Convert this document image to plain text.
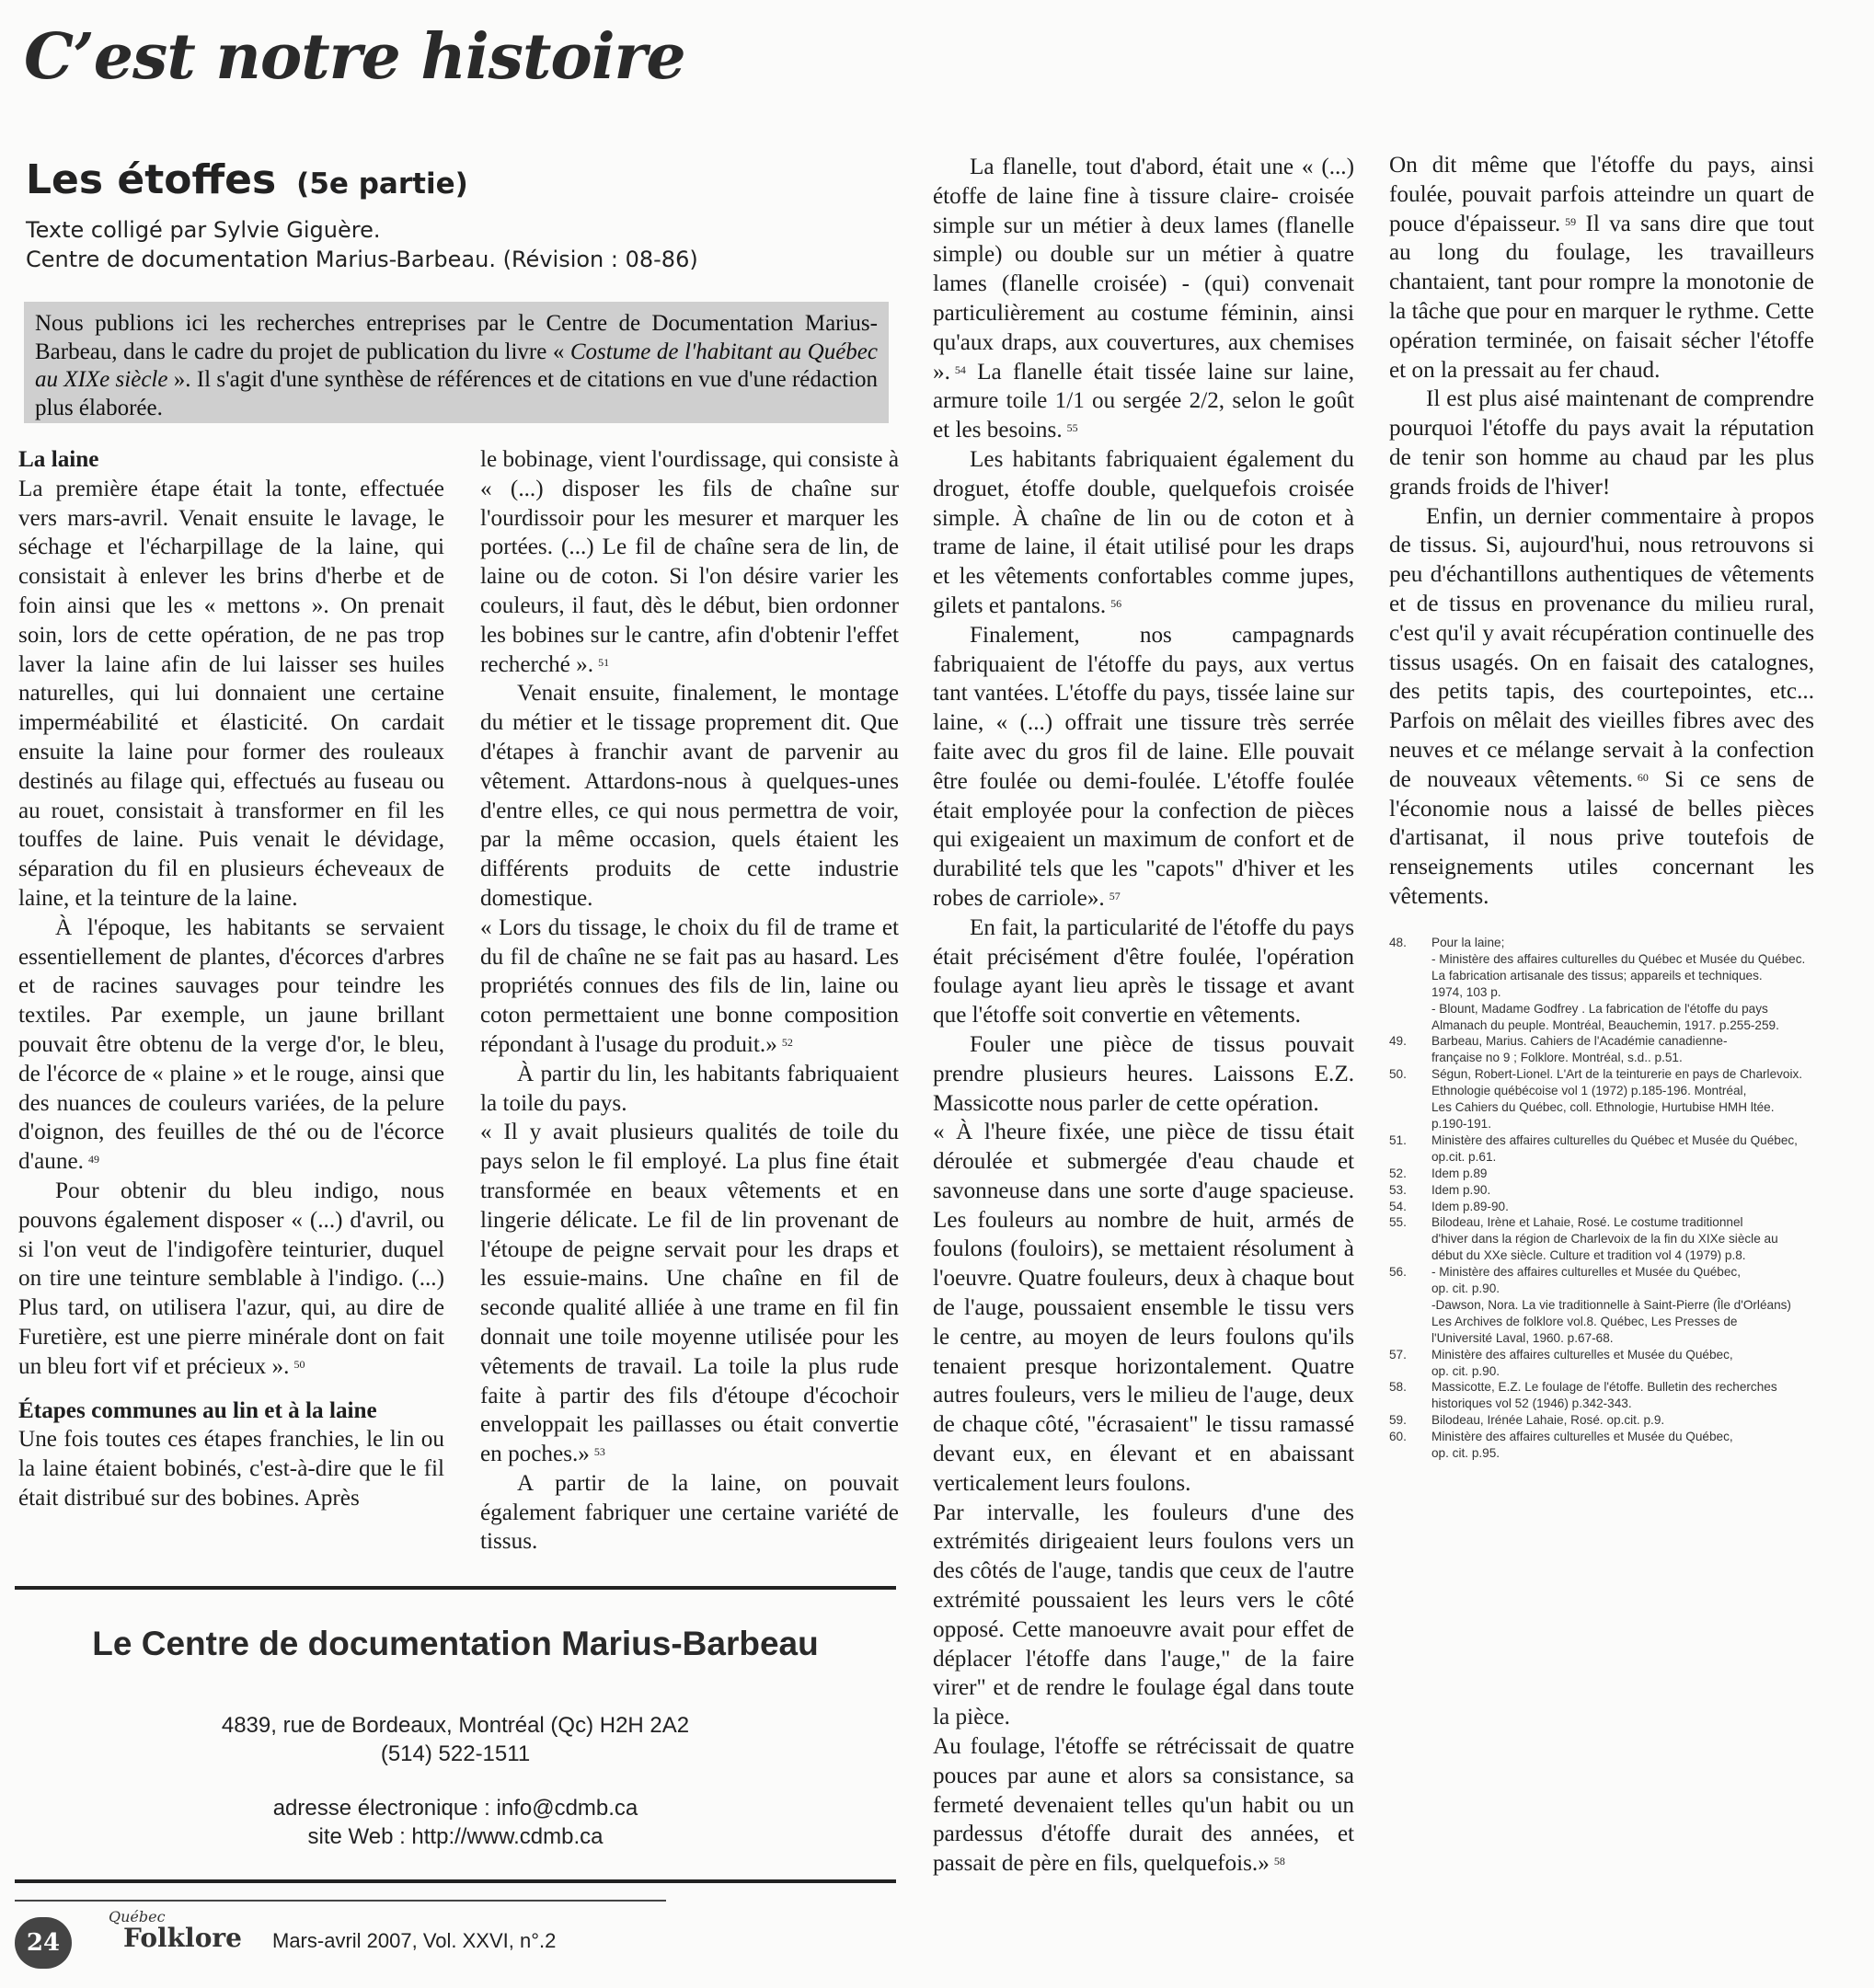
C’est notre histoire
Les étoffes (5e partie)
Texte colligé par Sylvie Giguère.
Centre de documentation Marius-Barbeau. (Révision : 08-86)
Nous publions ici les recherches entreprises par le Centre de Documentation Marius-Barbeau, dans le cadre du projet de publication du livre « Costume de l'habitant au Québec au XIXe siècle ». Il s'agit d'une synthèse de références et de citations en vue d'une rédaction plus élaborée.
La laine

La première étape était la tonte, effectuée vers mars-avril. Venait ensuite le lavage, le séchage et l'écharpillage de la laine, qui consistait à enlever les brins d'herbe et de foin ainsi que les « mettons ». On prenait soin, lors de cette opération, de ne pas trop laver la laine afin de lui laisser ses huiles naturelles, qui lui donnaient une certaine imperméabilité et élasticité. On cardait ensuite la laine pour former des rouleaux destinés au filage qui, effectués au fuseau ou au rouet, consistait à transformer en fil les touffes de laine. Puis venait le dévidage, séparation du fil en plusieurs écheveaux de laine, et la teinture de la laine.

À l'époque, les habitants se servaient essentiellement de plantes, d'écorces d'arbres et de racines sauvages pour teindre les textiles. Par exemple, un jaune brillant pouvait être obtenu de la verge d'or, le bleu, de l'écorce de « plaine » et le rouge, ainsi que des nuances de couleurs variées, de la pelure d'oignon, des feuilles de thé ou de l'écorce d'aune. $^{49}$

Pour obtenir du bleu indigo, nous pouvons également disposer « (...) d'avril, ou si l'on veut de l'indigofère teinturier, duquel on tire une teinture semblable à l'indigo. (...) Plus tard, on utilisera l'azur, qui, au dire de Furetière, est une pierre minérale dont on fait un bleu fort vif et précieux ». $^{50}$

Étapes communes au lin et à la laine

Une fois toutes ces étapes franchies, le lin ou la laine étaient bobinés, c'est-à-dire que le fil était distribué sur des bobines. Après

le bobinage, vient l'ourdissage, qui consiste à « (...) disposer les fils de chaîne sur l'ourdissoir pour les mesurer et marquer les portées. (...) Le fil de chaîne sera de lin, de laine ou de coton. Si l'on désire varier les couleurs, il faut, dès le début, bien ordonner les bobines sur le cantre, afin d'obtenir l'effet recherché ». $^{51}$

Venait ensuite, finalement, le montage du métier et le tissage proprement dit. Que d'étapes à franchir avant de parvenir au vêtement. Attardons-nous à quelques-unes d'entre elles, ce qui nous permettra de voir, par la même occasion, quels étaient les différents produits de cette industrie domestique.

« Lors du tissage, le choix du fil de trame et du fil de chaîne ne se fait pas au hasard. Les propriétés connues des fils de lin, laine ou coton permettaient une bonne composition répondant à l'usage du produit.» $^{52}$

À partir du lin, les habitants fabriquaient la toile du pays.

« Il y avait plusieurs qualités de toile du pays selon le fil employé. La plus fine était transformée en beaux vêtements et en lingerie délicate. Le fil de lin provenant de l'étoupe de peigne servait pour les draps et les essuie-mains. Une chaîne en fil de seconde qualité alliée à une trame en fil fin donnait une toile moyenne utilisée pour les vêtements de travail. La toile la plus rude faite à partir des fils d'étoupe d'écochoir enveloppait les paillasses ou était convertie en poches.» $^{53}$

A partir de la laine, on pouvait également fabriquer une certaine variété de tissus.

La flanelle, tout d'abord, était une « (...) étoffe de laine fine à tissure claire- croisée simple sur un métier à deux lames (flanelle simple) ou double sur un métier à quatre lames (flanelle croisée) - (qui) convenait particulièrement au costume féminin, ainsi qu'aux draps, aux couvertures, aux chemises ». $^{54}$ La flanelle était tissée laine sur laine, armure toile 1/1 ou sergée 2/2, selon le goût et les besoins. $^{55}$

Les habitants fabriquaient également du droguet, étoffe double, quelquefois croisée simple. À chaîne de lin ou de coton et à trame de laine, il était utilisé pour les draps et les vêtements confortables comme jupes, gilets et pantalons. $^{56}$

Finalement, nos campagnards fabriquaient de l'étoffe du pays, aux vertus tant vantées. L'étoffe du pays, tissée laine sur laine, « (...) offrait une tissure très serrée faite avec du gros fil de laine. Elle pouvait être foulée ou demi-foulée. L'étoffe foulée était employée pour la confection de pièces qui exigeaient un maximum de confort et de durabilité tels que les "capots" d'hiver et les robes de carriole». $^{57}$

En fait, la particularité de l'étoffe du pays était précisément d'être foulée, l'opération foulage ayant lieu après le tissage et avant que l'étoffe soit convertie en vêtements.

Fouler une pièce de tissus pouvait prendre plusieurs heures. Laissons E.Z. Massicotte nous parler de cette opération.

« À l'heure fixée, une pièce de tissu était déroulée et submergée d'eau chaude et savonneuse dans une sorte d'auge spacieuse. Les fouleurs au nombre de huit, armés de foulons (fouloirs), se mettaient résolument à l'oeuvre. Quatre fouleurs, deux à chaque bout de l'auge, poussaient ensemble le tissu vers le centre, au moyen de leurs foulons qu'ils tenaient presque horizontalement. Quatre autres fouleurs, vers le milieu de l'auge, deux de chaque côté, "écrasaient" le tissu ramassé devant eux, en élevant et en abaissant verticalement leurs foulons.

Par intervalle, les fouleurs d'une des extrémités dirigeaient leurs foulons vers un des côtés de l'auge, tandis que ceux de l'autre extrémité poussaient les leurs vers le côté opposé. Cette manoeuvre avait pour effet de déplacer l'étoffe dans l'auge," de la faire virer" et de rendre le foulage égal dans toute la pièce.

Au foulage, l'étoffe se rétrécissait de quatre pouces par aune et alors sa consistance, sa fermeté devenaient telles qu'un habit ou un pardessus d'étoffe durait des années, et passait de père en fils, quelquefois.» $^{58}$

On dit même que l'étoffe du pays, ainsi foulée, pouvait parfois atteindre un quart de pouce d'épaisseur. $^{59}$ Il va sans dire que tout au long du foulage, les travailleurs chantaient, tant pour rompre la monotonie de la tâche que pour en marquer le rythme. Cette opération terminée, on faisait sécher l'étoffe et on la pressait au fer chaud.

Il est plus aisé maintenant de comprendre pourquoi l'étoffe du pays avait la réputation de tenir son homme au chaud par les plus grands froids de l'hiver!

Enfin, un dernier commentaire à propos de tissus. Si, aujourd'hui, nous retrouvons si peu d'échantillons authentiques de vêtements et de tissus en provenance du milieu rural, c'est qu'il y avait récupération continuelle des tissus usagés. On en faisait des catalognes, des petits tapis, des courtepointes, etc... Parfois on mêlait des vieilles fibres avec des neuves et ce mélange servait à la confection de nouveaux vêtements. $^{60}$ Si ce sens de l'économie nous a laissé de belles pièces d'artisanat, il nous prive toutefois de renseignements utiles concernant les vêtements.

48.	Pour la laine;
- Ministère des affaires culturelles du Québec et Musée du Québec.
La fabrication artisanale des tissus; appareils et techniques.
1974, 103 p.
- Blount, Madame Godfrey . La fabrication de l'étoffe du pays
Almanach du peuple. Montréal, Beauchemin, 1917. p.255-259.
49.	Barbeau, Marius. Cahiers de l'Académie canadienne-
française no 9 ; Folklore. Montréal, s.d.. p.51.
50.	Ségun, Robert-Lionel. L'Art de la teinturerie en pays de Charlevoix.
Ethnologie québécoise vol 1 (1972) p.185-196. Montréal,
Les Cahiers du Québec, coll. Ethnologie, Hurtubise HMH ltée.
p.190-191.
51.	Ministère des affaires culturelles du Québec et Musée du Québec,
op.cit. p.61.
52.	Idem p.89
53.	Idem p.90.
54.	Idem p.89-90.
55.	Bilodeau, Irène et Lahaie, Rosé. Le costume traditionnel
d'hiver dans la région de Charlevoix de la fin du XIXe siècle au
début du XXe siècle. Culture et tradition vol 4 (1979) p.8.
56.	- Ministère des affaires culturelles et Musée du Québec,
op. cit. p.90.
-Dawson, Nora. La vie traditionnelle à Saint-Pierre (Île d'Orléans)
Les Archives de folklore vol.8. Québec, Les Presses de
l'Université Laval, 1960. p.67-68.
57.	Ministère des affaires culturelles et Musée du Québec,
op. cit. p.90.
58.	Massicotte, E.Z. Le foulage de l'étoffe. Bulletin des recherches
historiques vol 52 (1946) p.342-343.
59.	Bilodeau, Irénée Lahaie, Rosé. op.cit. p.9.
60.	Ministère des affaires culturelles et Musée du Québec,
op. cit. p.95.
Le Centre de documentation Marius-Barbeau
4839, rue de Bordeaux, Montréal (Qc) H2H 2A2
(514) 522-1511
adresse électronique : info@cdmb.ca
site Web : http://www.cdmb.ca
24
Québec
Folklore Mars-avril 2007, Vol. XXVI, n°.2
